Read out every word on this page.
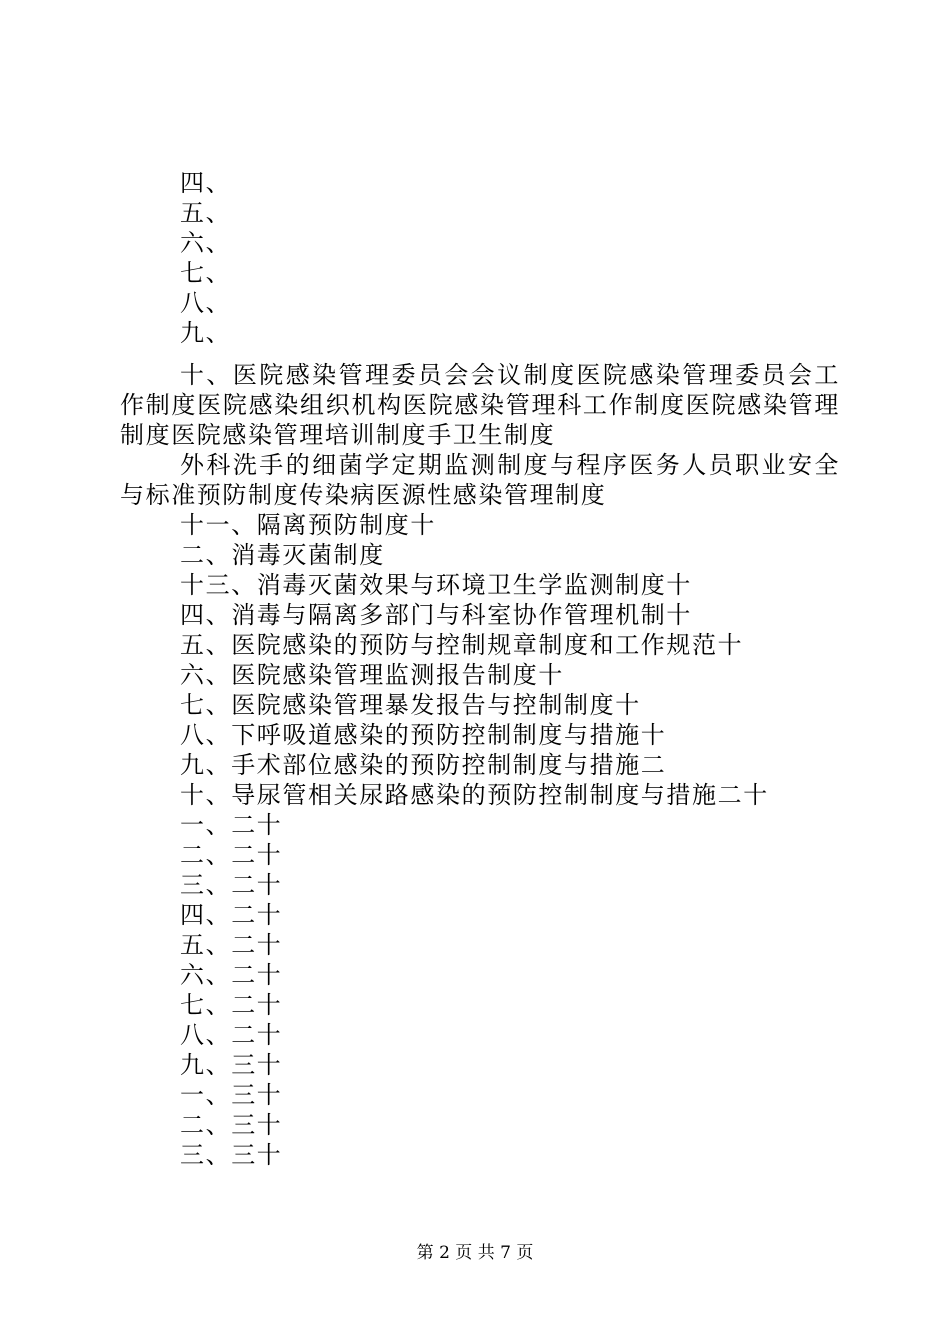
四、
五、
六、
七、
八、
九、

十、医院感染管理委员会会议制度医院感染管理委员会工作制度医院感染组织机构医院感染管理科工作制度医院感染管理制度医院感染管理培训制度手卫生制度

外科洗手的细菌学定期监测制度与程序医务人员职业安全与标准预防制度传染病医源性感染管理制度

十一、隔离预防制度十
二、消毒灭菌制度
十三、消毒灭菌效果与环境卫生学监测制度十
四、消毒与隔离多部门与科室协作管理机制十
五、医院感染的预防与控制规章制度和工作规范十
六、医院感染管理监测报告制度十
七、医院感染管理暴发报告与控制制度十
八、下呼吸道感染的预防控制制度与措施十
九、手术部位感染的预防控制制度与措施二
十、导尿管相关尿路感染的预防控制制度与措施二十
一、二十
二、二十
三、二十
四、二十
五、二十
六、二十
七、二十
八、二十
九、三十
一、三十
二、三十
三、三十
第 2 页 共 7 页
